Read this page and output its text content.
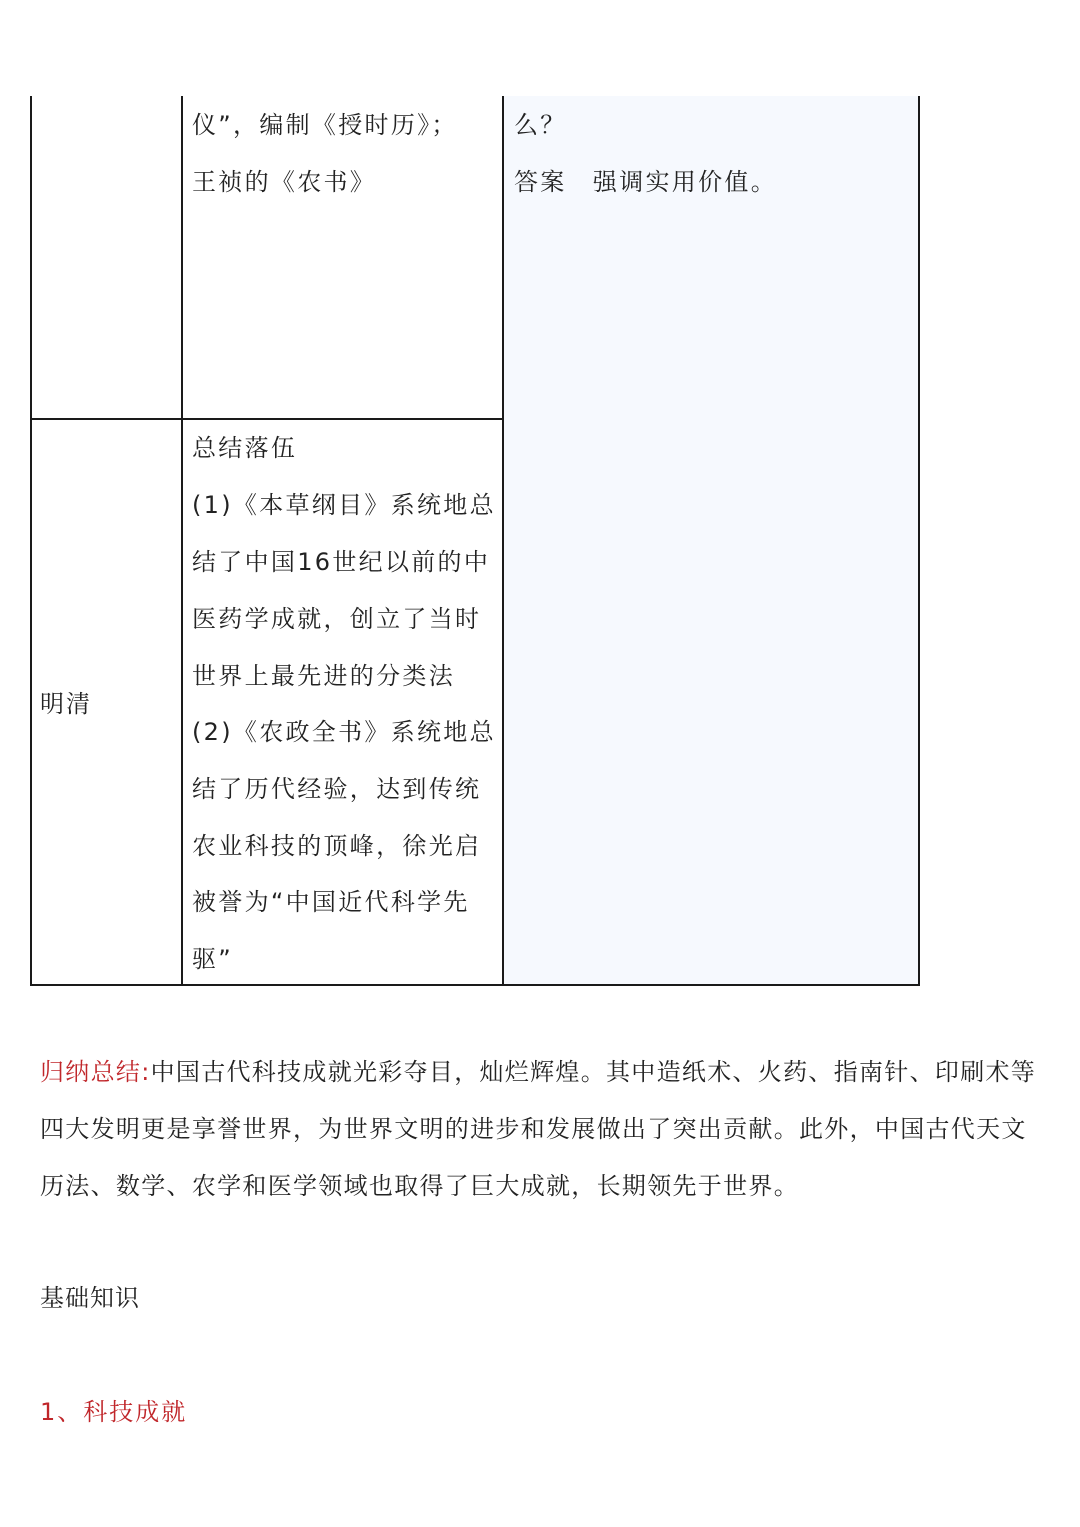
仪”，编制《授时历》；
王祯的《农书》
么？
答案　强调实用价值。
明清
总结落伍
(1)《本草纲目》系统地总
结了中国16世纪以前的中
医药学成就，创立了当时
世界上最先进的分类法
(2)《农政全书》系统地总
结了历代经验，达到传统
农业科技的顶峰，徐光启
被誉为“中国近代科学先
驱”

归纳总结:中国古代科技成就光彩夺目，灿烂辉煌。其中造纸术、火药、指南针、印刷术等四大发明更是享誉世界，为世界文明的进步和发展做出了突出贡献。此外，中国古代天文历法、数学、农学和医学领域也取得了巨大成就，长期领先于世界。

基础知识
1、科技成就
